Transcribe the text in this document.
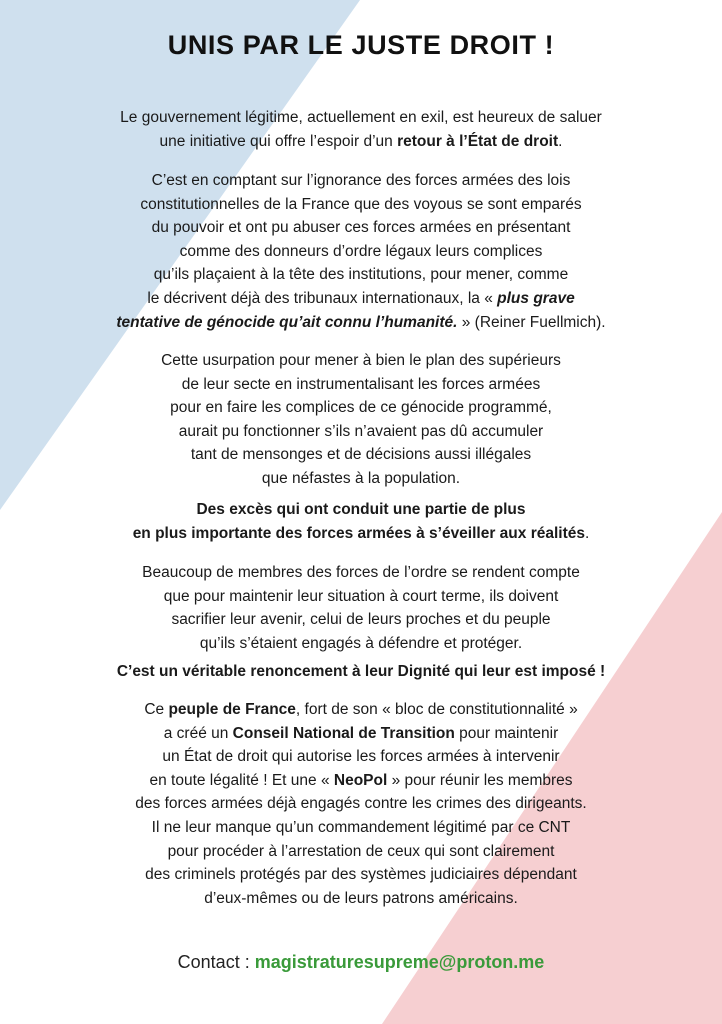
UNIS PAR LE JUSTE DROIT !
Le gouvernement légitime, actuellement en exil, est heureux de saluer
une initiative qui offre l’espoir d’un retour à l’État de droit.
C’est en comptant sur l’ignorance des forces armées des lois
constitutionnelles de la France que des voyous se sont emparés
du pouvoir et ont pu abuser ces forces armées en présentant
comme des donneurs d’ordre légaux leurs complices
qu’ils plaçaient à la tête des institutions, pour mener, comme
le décrivent déjà des tribunaux internationaux, la « plus grave
tentative de génocide qu’ait connu l’humanité. » (Reiner Fuellmich).
Cette usurpation pour mener à bien le plan des supérieurs
de leur secte en instrumentalisant les forces armées
pour en faire les complices de ce génocide programmé,
aurait pu fonctionner s’ils n’avaient pas dû accumuler
tant de mensonges et de décisions aussi illégales
que néfastes à la population.
Des excès qui ont conduit une partie de plus
en plus importante des forces armées à s’éveiller aux réalités.
Beaucoup de membres des forces de l’ordre se rendent compte
que pour maintenir leur situation à court terme, ils doivent
sacrifier leur avenir, celui de leurs proches et du peuple
qu’ils s’étaient engagés à défendre et protéger.
C’est un véritable renoncement à leur Dignité qui leur est imposé !
Ce peuple de France, fort de son « bloc de constitutionnalité »
a créé un Conseil National de Transition pour maintenir
un État de droit qui autorise les forces armées à intervenir
en toute légalité ! Et une « NeoPol » pour réunir les membres
des forces armées déjà engagés contre les crimes des dirigeants.
Il ne leur manque qu’un commandement légitimé par ce CNT
pour procéder à l’arrestation de ceux qui sont clairement
des criminels protégés par des systèmes judiciaires dépendant
d’eux-mêmes ou de leurs patrons américains.
Contact : magistraturesupreme@proton.me
